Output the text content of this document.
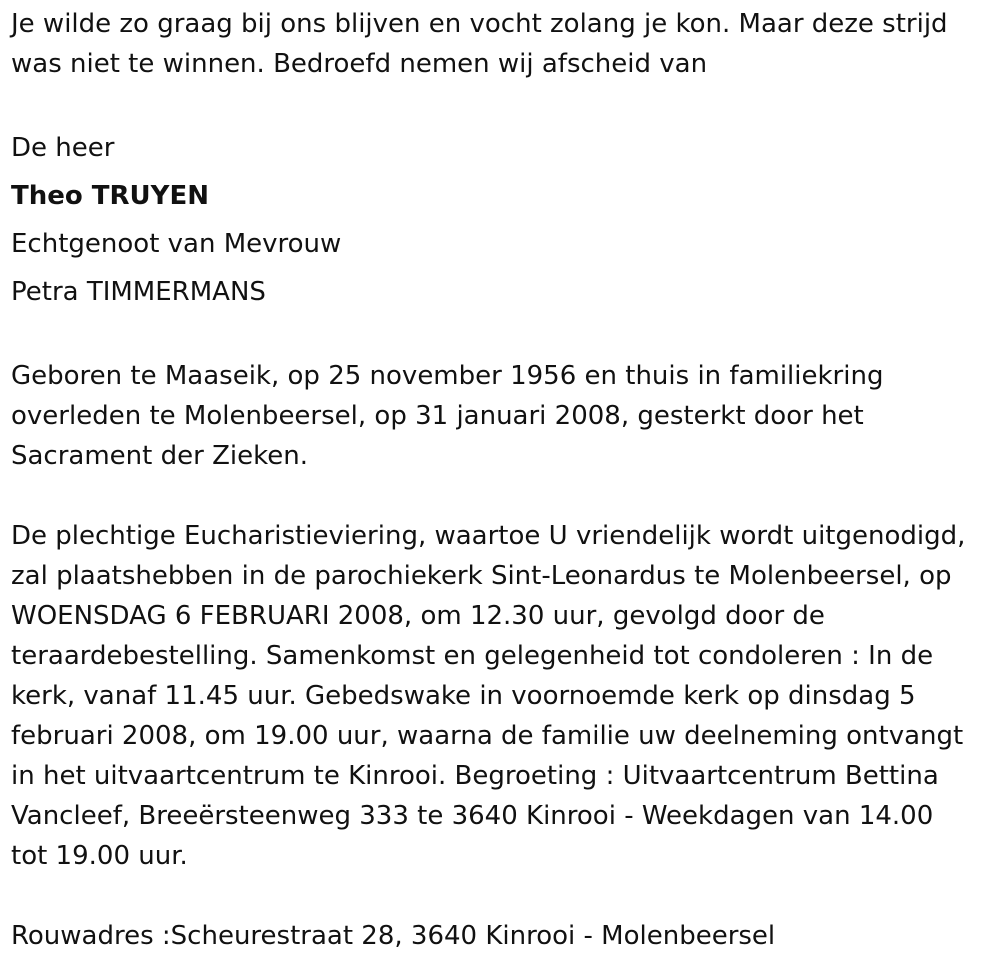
Je wilde zo graag bij ons blijven en vocht zolang je kon. Maar deze strijd

was niet te winnen. Bedroefd nemen wij afscheid van

De heer

Theo TRUYEN

Echtgenoot van Mevrouw

Petra TIMMERMANS

Geboren te Maaseik, op 25 november 1956 en thuis in familiekring

overleden te Molenbeersel, op 31 januari 2008, gesterkt door het

Sacrament der Zieken.

De plechtige Eucharistieviering, waartoe U vriendelijk wordt uitgenodigd,

zal plaatshebben in de parochiekerk Sint-Leonardus te Molenbeersel, op

WOENSDAG 6 FEBRUARI 2008, om 12.30 uur, gevolgd door de

teraardebestelling. Samenkomst en gelegenheid tot condoleren : In de

kerk, vanaf 11.45 uur. Gebedswake in voornoemde kerk op dinsdag 5

februari 2008, om 19.00 uur, waarna de familie uw deelneming ontvangt

in het uitvaartcentrum te Kinrooi. Begroeting : Uitvaartcentrum Bettina

Vancleef, Breeërsteenweg 333 te 3640 Kinrooi - Weekdagen van 14.00

tot 19.00 uur.

Rouwadres :Scheurestraat 28, 3640 Kinrooi - Molenbeersel
